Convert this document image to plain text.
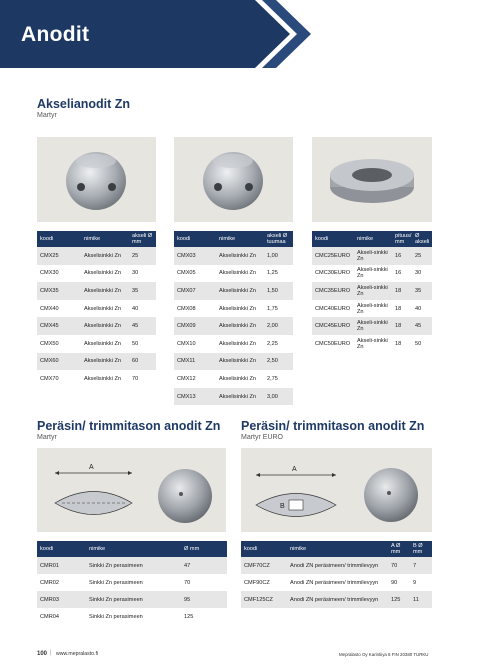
Anodit
Akselianodit Zn
Martyr
koodi	nimike	akseli Ø mm
CMX25	Akselisinkki Zn	25
CMX30	Akselisinkki Zn	30
CMX35	Akselisinkki Zn	35
CMX40	Akselisinkki Zn	40
CMX45	Akselisinkki Zn	45
CMX50	Akselisinkki Zn	50
CMX60	Akselisinkki Zn	60
CMX70	Akselisinkki Zn	70
koodi	nimike	akseli Ø tuumaa
CMX03	Akselisinkki Zn	1,00
CMX05	Akselisinkki Zn	1,25
CMX07	Akselisinkki Zn	1,50
CMX08	Akselisinkki Zn	1,75
CMX09	Akselisinkki Zn	2,00
CMX10	Akselisinkki Zn	2,25
CMX11	Akselisinkki Zn	2,50
CMX12	Akselisinkki Zn	2,75
CMX13	Akselisinkki Zn	3,00
koodi	nimike	pituus/ mm	Ø akseli
CMC25EURO	Akseli-sinkki Zn	16	25
CMC30EURO	Akseli-sinkki Zn	16	30
CMC35EURO	Akseli-sinkki Zn	18	35
CMC40EURO	Akseli-sinkki Zn	18	40
CMC45EURO	Akseli-sinkki Zn	18	45
CMC50EURO	Akseli-sinkki Zn	18	50
Peräsin/ trimmitason anodit Zn
Martyr
A
koodi	nimike	Ø mm
CMR01	Sinkki Zn perasimeen	47
CMR02	Sinkki Zn perasimeen	70
CMR03	Sinkki Zn perasimeen	95
CMR04	Sinkki Zn perasimeen	125
Peräsin/ trimmitason anodit Zn
Martyr EURO
A
B
koodi	nimike	A Ø mm	B Ø mm
CMF70CZ	Anodi ZN peräsimeen/ trimmilevyyn	70	7
CMF90CZ	Anodi ZN peräsimeen/ trimmilevyyn	90	9
CMF125CZ	Anodi ZN peräsimeen/ trimmilevyyn	125	11
100 | www.mepralasto.fi	Mepralasto Oy Karintiiya 8 FIN 20380 TURKU
